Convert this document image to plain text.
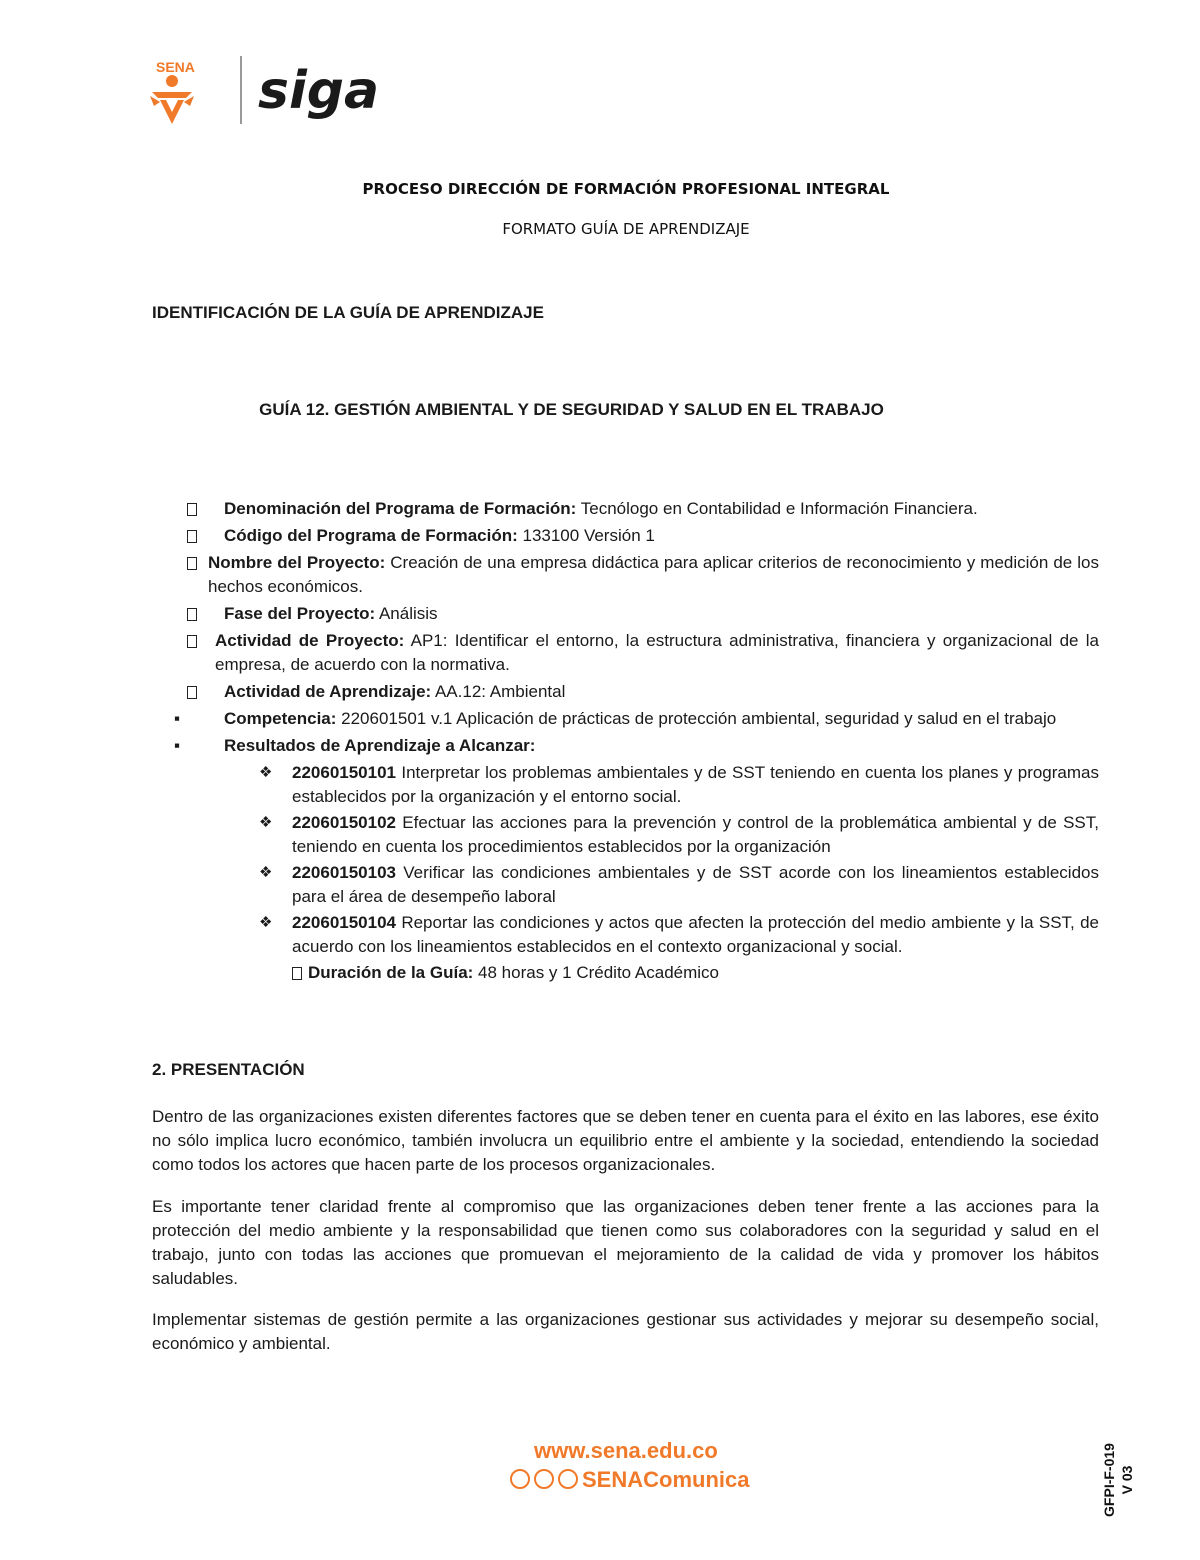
SENA siga
PROCESO DIRECCIÓN DE FORMACIÓN PROFESIONAL INTEGRAL
FORMATO GUÍA DE APRENDIZAJE
IDENTIFICACIÓN DE LA GUÍA DE APRENDIZAJE
GUÍA 12. GESTIÓN AMBIENTAL Y DE SEGURIDAD Y SALUD EN EL TRABAJO
Denominación del Programa de Formación: Tecnólogo en Contabilidad e Información Financiera.
Código del Programa de Formación: 133100 Versión 1
Nombre del Proyecto: Creación de una empresa didáctica para aplicar criterios de reconocimiento y medición de los hechos económicos.
Fase del Proyecto: Análisis
Actividad de Proyecto: AP1: Identificar el entorno, la estructura administrativa, financiera y organizacional de la empresa, de acuerdo con la normativa.
Actividad de Aprendizaje: AA.12: Ambiental
▪	Competencia: 220601501 v.1 Aplicación de prácticas de protección ambiental, seguridad y salud en el trabajo
▪	Resultados de Aprendizaje a Alcanzar:
❖ 22060150101 Interpretar los problemas ambientales y de SST teniendo en cuenta los planes y programas establecidos por la organización y el entorno social.
❖ 22060150102 Efectuar las acciones para la prevención y control de la problemática ambiental y de SST, teniendo en cuenta los procedimientos establecidos por la organización
❖ 22060150103 Verificar las condiciones ambientales y de SST acorde con los lineamientos establecidos para el área de desempeño laboral
❖ 22060150104 Reportar las condiciones y actos que afecten la protección del medio ambiente y la SST, de acuerdo con los lineamientos establecidos en el contexto organizacional y social.
Duración de la Guía: 48 horas y 1 Crédito Académico
2. PRESENTACIÓN
Dentro de las organizaciones existen diferentes factores que se deben tener en cuenta para el éxito en las labores, ese éxito no sólo implica lucro económico, también involucra un equilibrio entre el ambiente y la sociedad, entendiendo la sociedad como todos los actores que hacen parte de los procesos organizacionales.
Es importante tener claridad frente al compromiso que las organizaciones deben tener frente a las acciones para la protección del medio ambiente y la responsabilidad que tienen como sus colaboradores con la seguridad y salud en el trabajo, junto con todas las acciones que promuevan el mejoramiento de la calidad de vida y promover los hábitos saludables.
Implementar sistemas de gestión permite a las organizaciones gestionar sus actividades y mejorar su desempeño social, económico y ambiental.
www.sena.edu.co
SENAComunica	GFPI-F-019 V 03
